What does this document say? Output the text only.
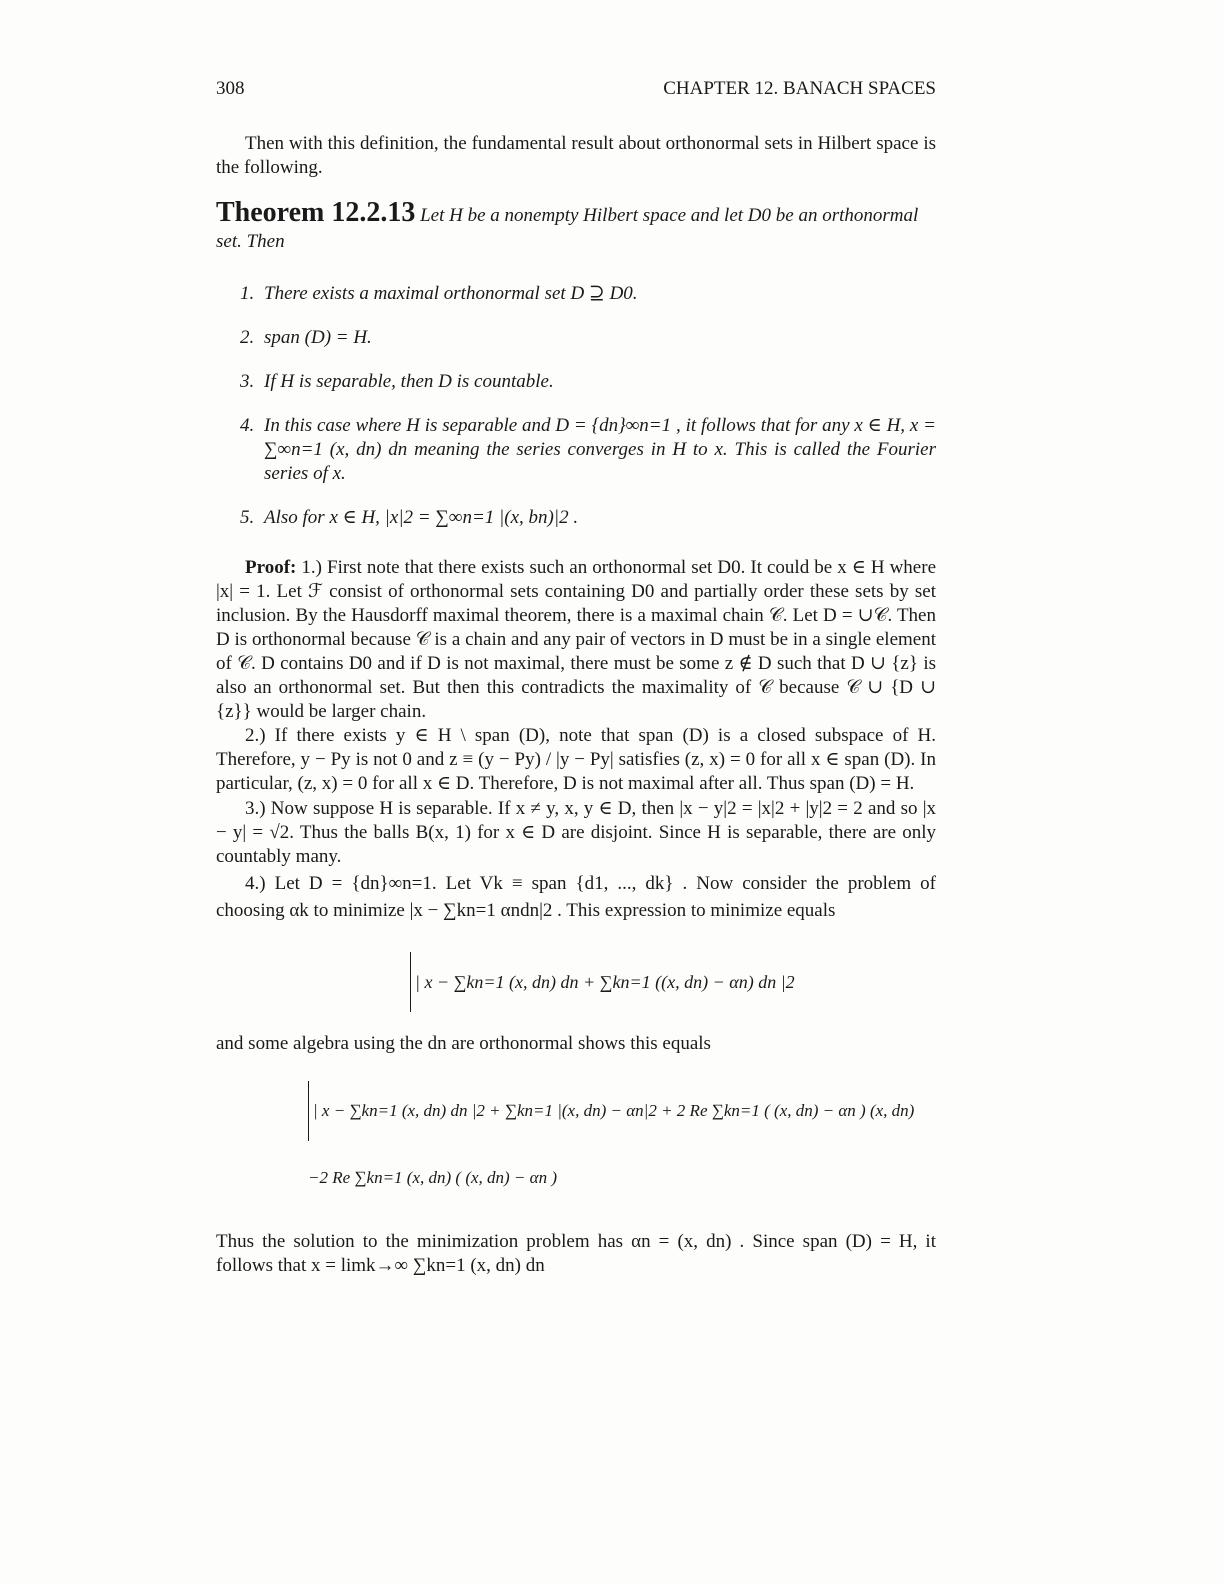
308	CHAPTER 12. BANACH SPACES

Then with this definition, the fundamental result about orthonormal sets in Hilbert space is the following.

Theorem 12.2.13 Let H be a nonempty Hilbert space and let D0 be an orthonormal set. Then
1. There exists a maximal orthonormal set D ⊇ D0.
2. span (D) = H.
3. If H is separable, then D is countable.
4. In this case where H is separable and D = {dn}∞n=1 , it follows that for any x ∈ H, x = ∑∞n=1 (x, dn) dn meaning the series converges in H to x. This is called the Fourier series of x.
5. Also for x ∈ H, |x|2 = ∑∞n=1 |(x, bn)|2 .
Proof: 1.) First note that there exists such an orthonormal set D0. It could be x ∈ H where |x| = 1. Let ℱ consist of orthonormal sets containing D0 and partially order these sets by set inclusion. By the Hausdorff maximal theorem, there is a maximal chain 𝒞. Let D = ∪𝒞. Then D is orthonormal because 𝒞 is a chain and any pair of vectors in D must be in a single element of 𝒞. D contains D0 and if D is not maximal, there must be some z ∉ D such that D ∪ {z} is also an orthonormal set. But then this contradicts the maximality of 𝒞 because 𝒞 ∪ {D ∪ {z}} would be larger chain.

2.) If there exists y ∈ H \ span (D), note that span (D) is a closed subspace of H. Therefore, y − Py is not 0 and z ≡ (y − Py) / |y − Py| satisfies (z, x) = 0 for all x ∈ span (D). In particular, (z, x) = 0 for all x ∈ D. Therefore, D is not maximal after all. Thus span (D) = H.

3.) Now suppose H is separable. If x ≠ y, x, y ∈ D, then |x − y|2 = |x|2 + |y|2 = 2 and so |x − y| = √2. Thus the balls B(x, 1) for x ∈ D are disjoint. Since H is separable, there are only countably many.

4.) Let D = {dn}∞n=1. Let Vk ≡ span {d1, ..., dk} . Now consider the problem of choosing αk to minimize |x − ∑kn=1 αndn|2 . This expression to minimize equals

| x − ∑kn=1 (x, dn) dn + ∑kn=1 ((x, dn) − αn) dn |2

and some algebra using the dn are orthonormal shows this equals

| x − ∑kn=1 (x, dn) dn |2 + ∑kn=1 |(x, dn) − αn|2 + 2 Re ∑kn=1 ( (x, dn) − αn ) (x, dn)
−2 Re ∑kn=1 (x, dn) ( (x, dn) − αn )

Thus the solution to the minimization problem has αn = (x, dn) . Since span (D) = H, it follows that x = limk→∞ ∑kn=1 (x, dn) dn
